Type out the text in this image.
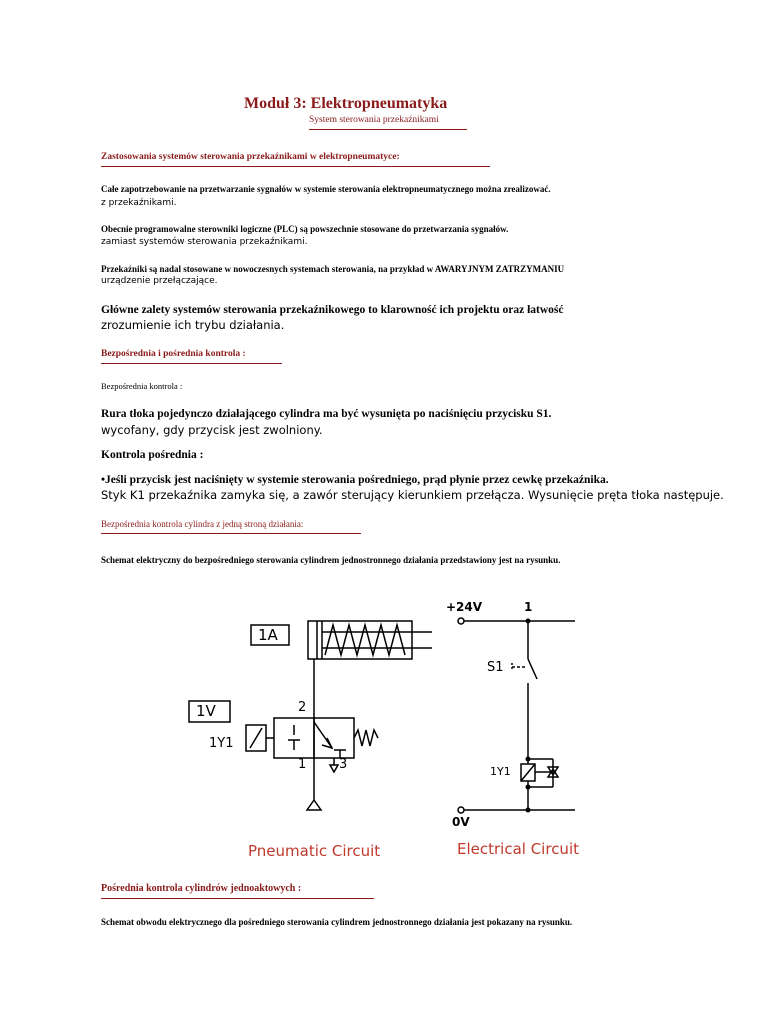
Moduł 3: Elektropneumatyka
System sterowania przekaźnikami
Zastosowania systemów sterowania przekaźnikami w elektropneumatyce:
Całe zapotrzebowanie na przetwarzanie sygnałów w systemie sterowania elektropneumatycznego można zrealizować.
z przekaźnikami.
Obecnie programowalne sterowniki logiczne (PLC) są powszechnie stosowane do przetwarzania sygnałów.
zamiast systemów sterowania przekaźnikami.
Przekaźniki są nadal stosowane w nowoczesnych systemach sterowania, na przykład w AWARYJNYM ZATRZYMANIU
urządzenie przełączające.
Główne zalety systemów sterowania przekaźnikowego to klarowność ich projektu oraz łatwość
zrozumienie ich trybu działania.
Bezpośrednia i pośrednia kontrola :
Bezpośrednia kontrola :
Rura tłoka pojedynczo działającego cylindra ma być wysunięta po naciśnięciu przycisku S1.
wycofany, gdy przycisk jest zwolniony.
Kontrola pośrednia :
•Jeśli przycisk jest naciśnięty w systemie sterowania pośredniego, prąd płynie przez cewkę przekaźnika.
Styk K1 przekaźnika zamyka się, a zawór sterujący kierunkiem przełącza. Wysunięcie pręta tłoka następuje.
Bezpośrednia kontrola cylindra z jedną stroną działania:
Schemat elektryczny do bezpośredniego sterowania cylindrem jednostronnego działania przedstawiony jest na rysunku.
1A
1V
1Y1
2
1	3
Pneumatic Circuit
+24V	1
S1
1Y1
0V
Electrical Circuit
Pośrednia kontrola cylindrów jednoaktowych :
Schemat obwodu elektrycznego dla pośredniego sterowania cylindrem jednostronnego działania jest pokazany na rysunku.
